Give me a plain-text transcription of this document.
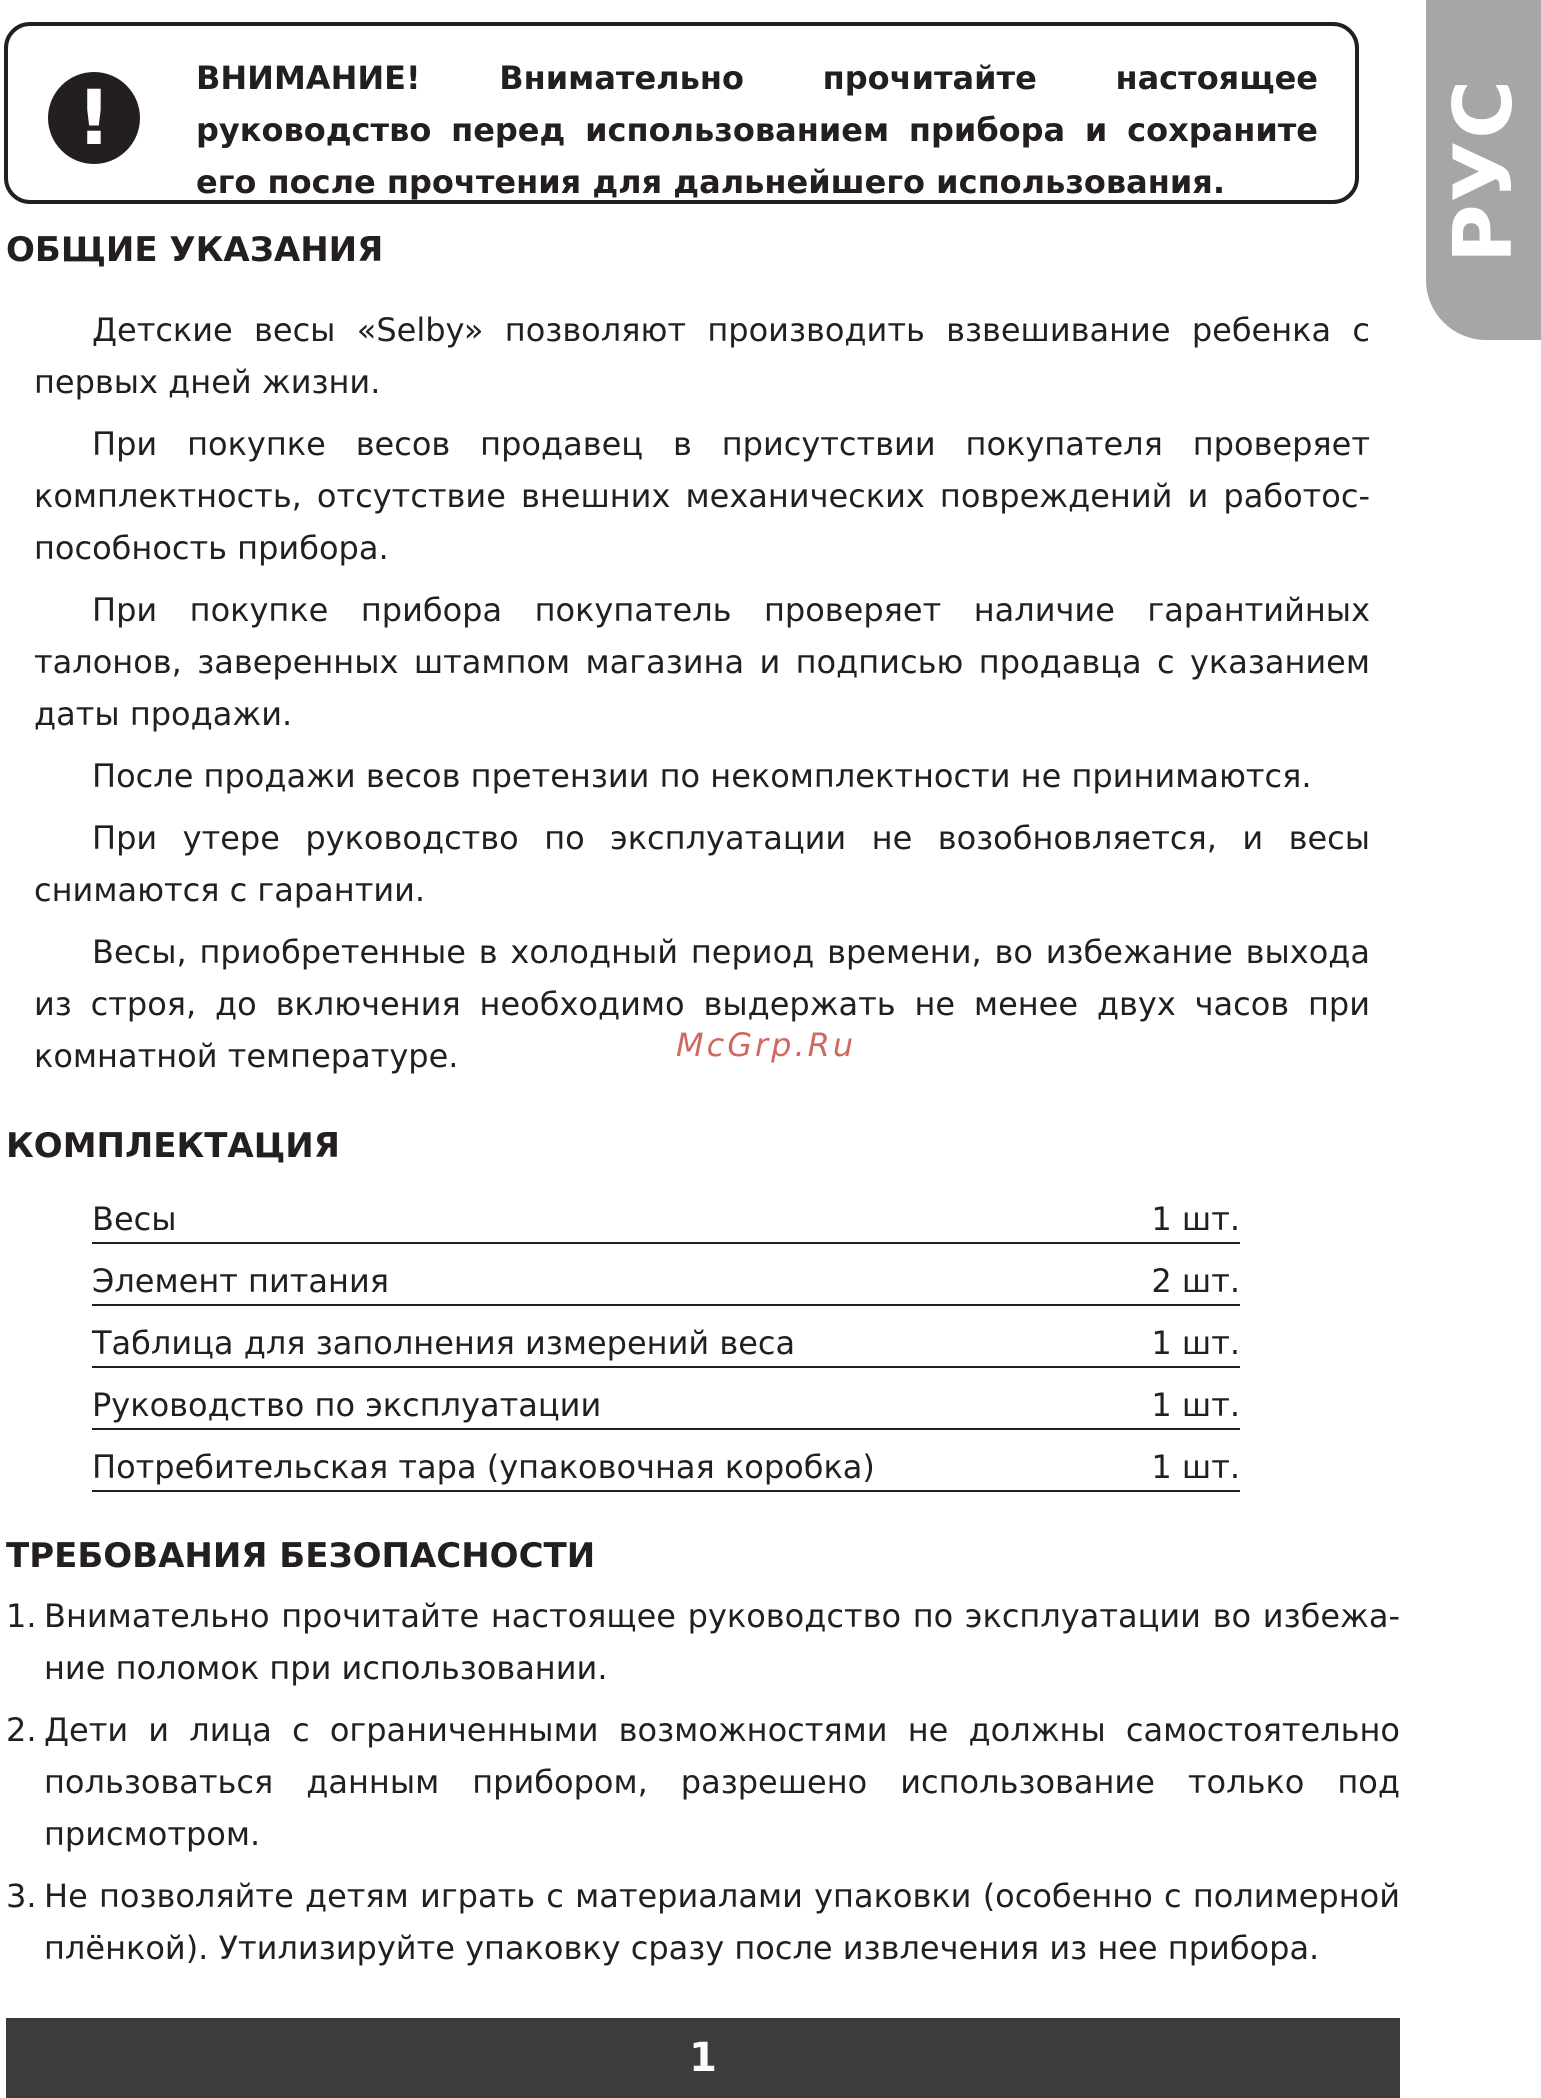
РУС
!	ВНИМАНИЕ! Внимательно прочитайте настоящее руководство перед использованием прибора и сохраните его после прочтения для дальнейшего использования.
ОБЩИЕ УКАЗАНИЯ

Детские весы «Selby» позволяют производить взвешивание ребенка с первых дней жизни.

При покупке весов продавец в присутствии покупателя проверяет комплектность, отсутствие внешних механических повреждений и работоспособность прибора.

При покупке прибора покупатель проверяет наличие гарантийных талонов, заверенных штампом магазина и подписью продавца с указанием даты продажи.

После продажи весов претензии по некомплектности не принимаются.

При утере руководство по эксплуатации не возобновляется, и весы снимаются с гарантии.

Весы, приобретенные в холодный период времени, во избежание выхода из строя, до включения необходимо выдержать не менее двух часов при комнатной температуре.	McGrp.Ru
КОМПЛЕКТАЦИЯ
Весы	1 шт.
Элемент питания	2 шт.
Таблица для заполнения измерений веса	1 шт.
Руководство по эксплуатации	1 шт.
Потребительская тара (упаковочная коробка)	1 шт.
ТРЕБОВАНИЯ БЕЗОПАСНОСТИ
1. Внимательно прочитайте настоящее руководство по эксплуатации во избежание поломок при использовании.
2. Дети и лица с ограниченными возможностями не должны самостоятельно пользоваться данным прибором, разрешено использование только под присмотром.
3. Не позволяйте детям играть с материалами упаковки (особенно с полимерной плёнкой). Утилизируйте упаковку сразу после извлечения из нее прибора.
1
